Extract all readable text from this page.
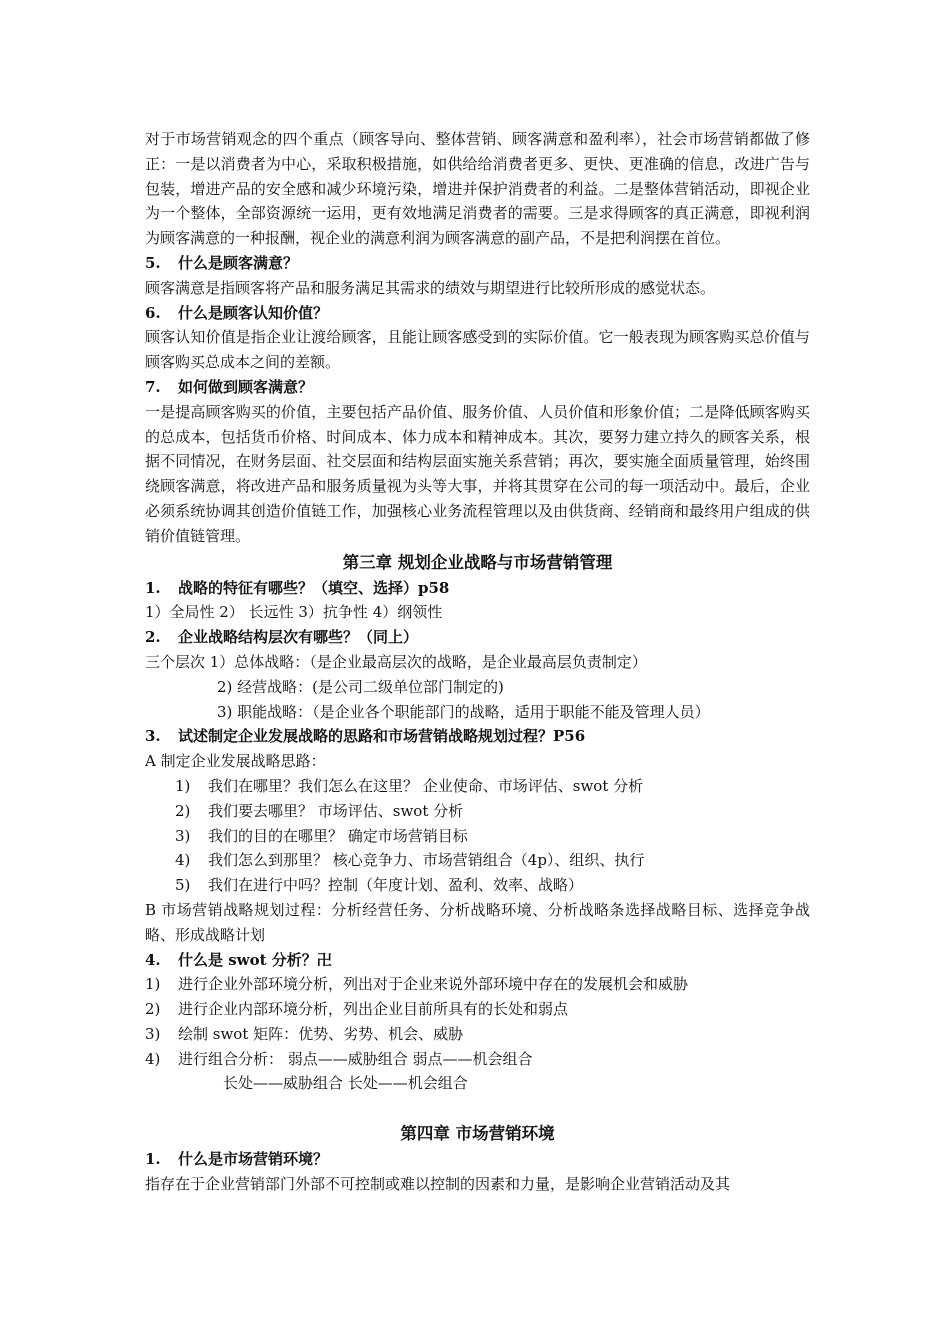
对于市场营销观念的四个重点（顾客导向、整体营销、顾客满意和盈利率），社会市场营销都做了修正：一是以消费者为中心，采取积极措施，如供给给消费者更多、更快、更准确的信息，改进广告与包装，增进产品的安全感和减少环境污染，增进并保护消费者的利益。二是整体营销活动，即视企业为一个整体，全部资源统一运用，更有效地满足消费者的需要。三是求得顾客的真正满意，即视利润为顾客满意的一种报酬，视企业的满意利润为顾客满意的副产品，不是把利润摆在首位。

5. 什么是顾客满意？

顾客满意是指顾客将产品和服务满足其需求的绩效与期望进行比较所形成的感觉状态。

6. 什么是顾客认知价值？

顾客认知价值是指企业让渡给顾客，且能让顾客感受到的实际价值。它一般表现为顾客购买总价值与顾客购买总成本之间的差额。

7. 如何做到顾客满意？

一是提高顾客购买的价值，主要包括产品价值、服务价值、人员价值和形象价值；二是降低顾客购买的总成本，包括货币价格、时间成本、体力成本和精神成本。其次，要努力建立持久的顾客关系，根据不同情况，在财务层面、社交层面和结构层面实施关系营销；再次，要实施全面质量管理，始终围绕顾客满意，将改进产品和服务质量视为头等大事，并将其贯穿在公司的每一项活动中。最后，企业必须系统协调其创造价值链工作，加强核心业务流程管理以及由供货商、经销商和最终用户组成的供销价值链管理。

第三章 规划企业战略与市场营销管理

1. 战略的特征有哪些？（填空、选择）p58

1）全局性 2） 长远性 3）抗争性 4）纲领性

2. 企业战略结构层次有哪些？（同上）

三个层次 1）总体战略：（是企业最高层次的战略，是企业最高层负责制定）

2) 经营战略：(是公司二级单位部门制定的)

3) 职能战略：（是企业各个职能部门的战略，适用于职能不能及管理人员）

3. 试述制定企业发展战略的思路和市场营销战略规划过程？P56

A 制定企业发展战略思路：

1) 我们在哪里？我们怎么在这里？ 企业使命、市场评估、swot 分析

2) 我们要去哪里？ 市场评估、swot 分析

3) 我们的目的在哪里？ 确定市场营销目标

4) 我们怎么到那里？ 核心竞争力、市场营销组合（4p）、组织、执行

5) 我们在进行中吗？控制（年度计划、盈利、效率、战略）

B 市场营销战略规划过程：分析经营任务、分析战略环境、分析战略条选择战略目标、选择竞争战略、形成战略计划

4. 什么是 swot 分析？卍

1) 进行企业外部环境分析，列出对于企业来说外部环境中存在的发展机会和威胁

2) 进行企业内部环境分析，列出企业目前所具有的长处和弱点

3) 绘制 swot 矩阵：优势、劣势、机会、威胁

4) 进行组合分析： 弱点——威胁组合 弱点——机会组合

长处——威胁组合 长处——机会组合

第四章 市场营销环境

1. 什么是市场营销环境？

指存在于企业营销部门外部不可控制或难以控制的因素和力量，是影响企业营销活动及其
